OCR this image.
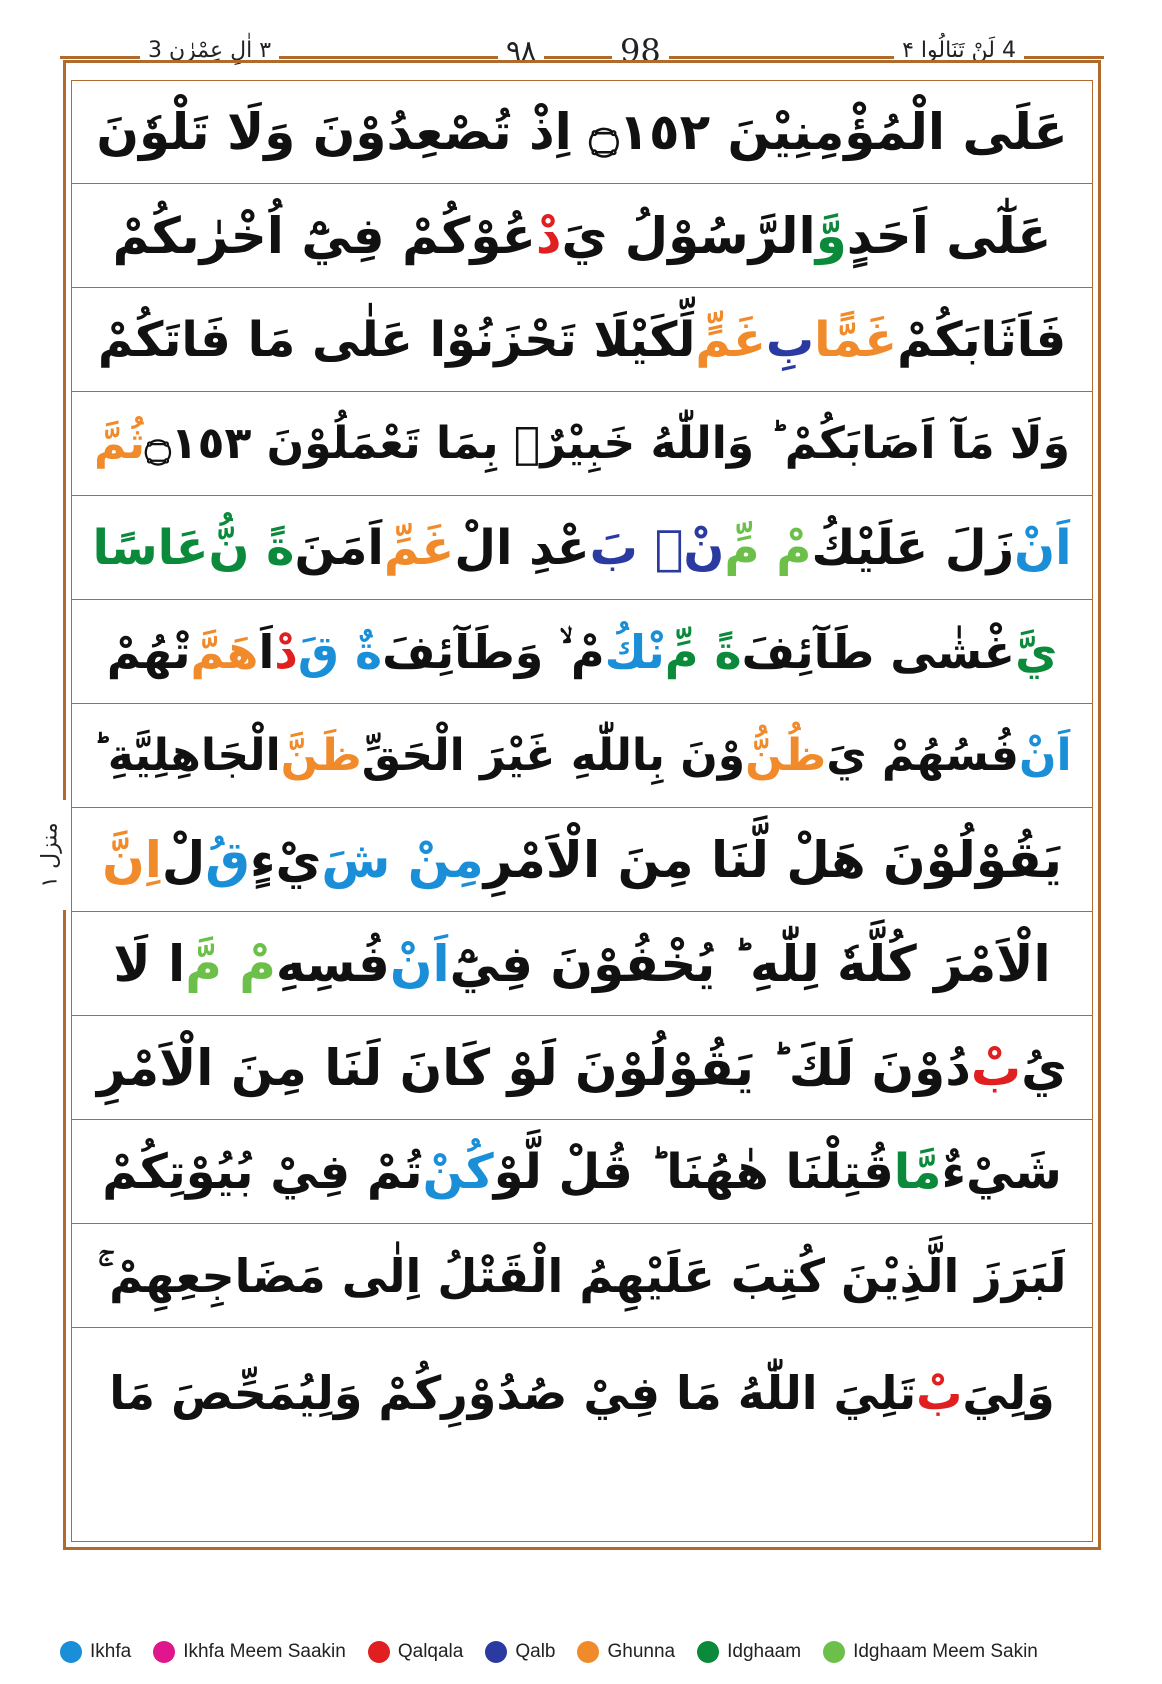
٣ اٰلِ عِمْرٰن 3	٩٨	98	4 لَنْ تَنَالُوا ۴
منزل ١
عَلَى الْمُؤْمِنِيْنَ ۝١٥٢ اِذْ تُصْعِدُوْنَ وَلَا تَلْوٗنَ
عَلٰٓى اَحَدٍ
وَّ
الرَّسُوْلُ يَ
دْ
عُوْكُمْ فِيْٓ اُخْرٰىكُمْ
فَاَثَابَكُمْ
غَمًّا
بِ
غَمٍّ
لِّكَيْلَا تَحْزَنُوْا عَلٰى مَا فَاتَكُمْ
وَلَا مَآ اَصَابَكُمْ ؕ وَاللّٰهُ خَبِيْرٌۢ بِمَا تَعْمَلُوْنَ ۝١٥٣
ثُمَّ
اَنْ
زَلَ عَلَيْكُ
مْ مِّ
نْۢ بَ
عْدِ الْ
غَمِّ
اَمَنَ
ةً نُّ
عَاسًا
يَّ
غْشٰى طَآئِفَ
ةً مِّ
نْكُ
مْ ۙ وَطَآئِفَ
ةٌ قَ
دْ
اَ
هَمَّ
تْهُمْ
اَنْ
فُسُهُمْ يَ
ظُنُّ
وْنَ بِاللّٰهِ غَيْرَ الْحَقِّ
ظَنَّ
الْجَاهِلِيَّةِ ؕ
يَقُوْلُوْنَ هَلْ لَّنَا مِنَ الْاَمْرِ
مِنْ شَ
يْءٍ
قُ
لْ
اِنَّ
الْاَمْرَ كُلَّهٗ لِلّٰهِ ؕ يُخْفُوْنَ فِيْٓ
اَنْ
فُسِهِ
مْ مَّ
ا لَا
يُ
بْ
دُوْنَ لَكَ ؕ يَقُوْلُوْنَ لَوْ كَانَ لَنَا مِنَ الْاَمْرِ
شَيْءٌ
مَّا
قُتِلْنَا هٰهُنَا ؕ قُلْ لَّوْ
كُنْ
تُمْ فِيْ بُيُوْتِكُمْ
لَبَرَزَ الَّذِيْنَ كُتِبَ عَلَيْهِمُ الْقَتْلُ اِلٰى مَضَاجِعِهِمْ ۚ
وَلِيَ
بْ
تَلِيَ اللّٰهُ مَا فِيْ صُدُوْرِكُمْ وَلِيُمَحِّصَ مَا
Ikhfa	Ikhfa Meem Saakin	Qalqala	Qalb	Ghunna	Idghaam	Idghaam Meem Sakin
